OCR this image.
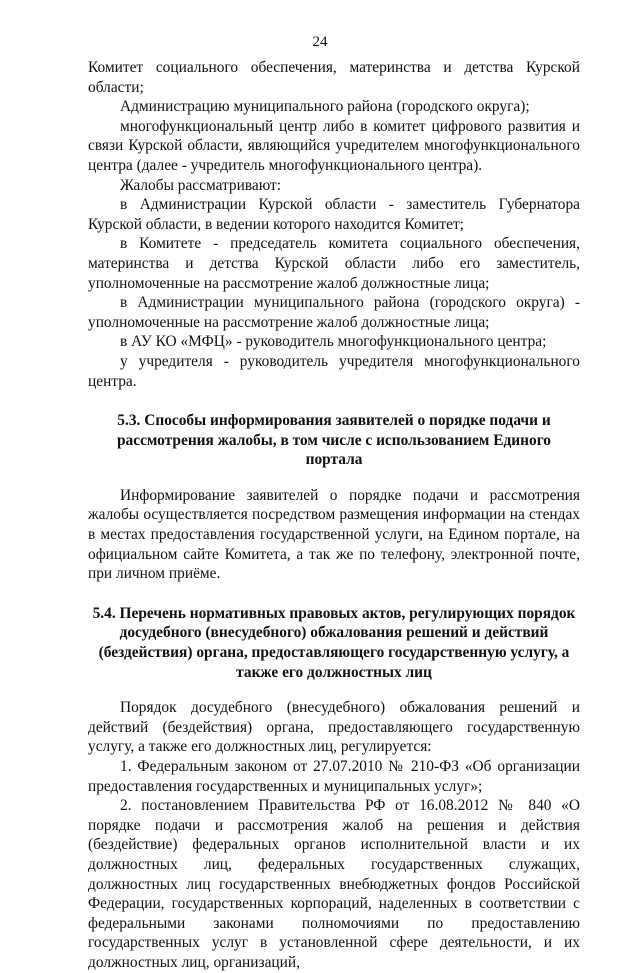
24

Комитет социального обеспечения, материнства и детства Курской области;

Администрацию муниципального района (городского округа);

многофункциональный центр либо в комитет цифрового развития и связи Курской области, являющийся учредителем многофункционального центра (далее - учредитель многофункционального центра).

Жалобы рассматривают:

в Администрации Курской области - заместитель Губернатора Курской области, в ведении которого находится Комитет;

в Комитете - председатель комитета социального обеспечения, материнства и детства Курской области либо его заместитель, уполномоченные на рассмотрение жалоб должностные лица;

в Администрации муниципального района (городского округа) - уполномоченные на рассмотрение жалоб должностные лица;

в АУ КО «МФЦ» - руководитель многофункционального центра;

у учредителя - руководитель учредителя многофункционального центра.

5.3. Способы информирования заявителей о порядке подачи и рассмотрения жалобы, в том числе с использованием Единого портала

Информирование заявителей о порядке подачи и рассмотрения жалобы осуществляется посредством размещения информации на стендах в местах предоставления государственной услуги, на Едином портале, на официальном сайте Комитета, а так же по телефону, электронной почте, при личном приёме.

5.4. Перечень нормативных правовых актов, регулирующих порядок досудебного (внесудебного) обжалования решений и действий (бездействия) органа, предоставляющего государственную услугу, а также его должностных лиц

Порядок досудебного (внесудебного) обжалования решений и действий (бездействия) органа, предоставляющего государственную услугу, а также его должностных лиц, регулируется:

1. Федеральным законом от 27.07.2010 № 210-ФЗ «Об организации предоставления государственных и муниципальных услуг»;

2. постановлением Правительства РФ от 16.08.2012 № 840 «О порядке подачи и рассмотрения жалоб на решения и действия (бездействие) федеральных органов исполнительной власти и их должностных лиц, федеральных государственных служащих, должностных лиц государственных внебюджетных фондов Российской Федерации, государственных корпораций, наделенных в соответствии с федеральными законами полномочиями по предоставлению государственных услуг в установленной сфере деятельности, и их должностных лиц, организаций,
